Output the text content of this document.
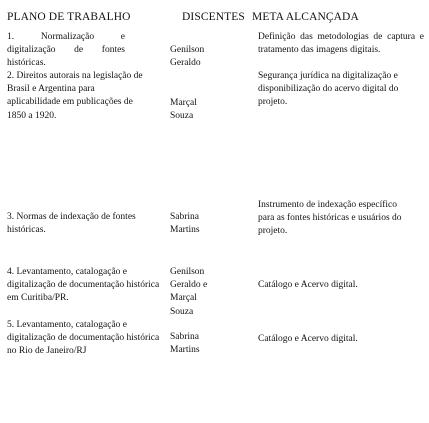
PLANO DE TRABALHO	DISCENTES META ALCANÇADA
1. Normalização e digitalização de fontes históricas.
Genilson Geraldo
Definição das metodologias de captura e tratamento das imagens digitais.
2. Direitos autorais na legislação de Brasil e Argentina para aplicabilidade em publicações de 1850 a 1920.
Marçal Souza
Segurança jurídica na digitalização e disponibilização do acervo digital do projeto.
3. Normas de indexação de fontes históricas.
Sabrina Martins
Instrumento de indexação específico para as fontes históricas e usuários do projeto.
4. Levantamento, catalogação e digitalização de documentação histórica em Curitiba/PR.
Genilson Geraldo e Marçal Souza
Catálogo e Acervo digital.
5. Levantamento, catalogação e digitalização de documentação histórica no Rio de Janeiro/RJ
Sabrina Martins
Catálogo e Acervo digital.
